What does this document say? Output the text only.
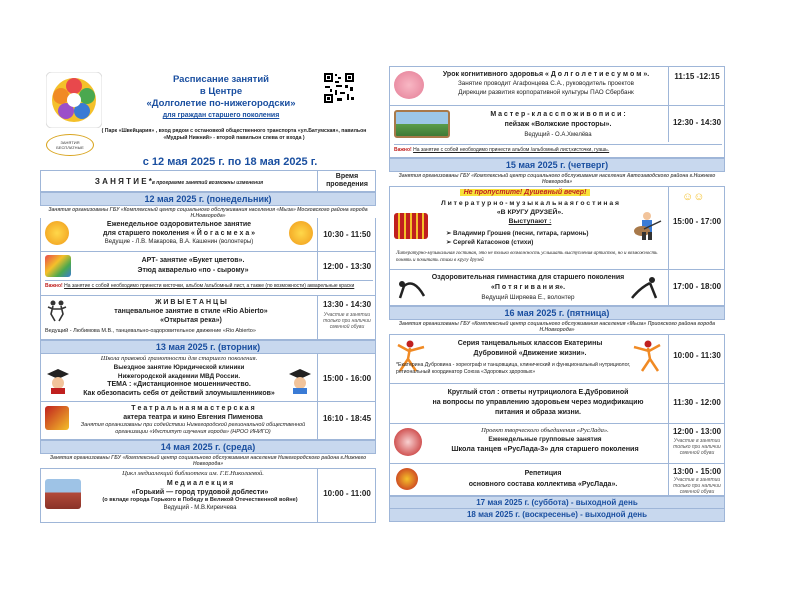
ЗАНЯТИЯ БЕСПЛАТНЫЕ
Расписание занятий
в Центре
«Долголетие по-нижегородски»
для граждан старшего поколения
( Парк «Швейцария» , вход рядом с остановкой общественного транспорта «ул.Батумская», павильон «Мудрый Нижний» - второй павильон слева от входа )
с 12 мая 2025 г. по 18 мая 2025 г.
З А Н Я Т И Е *в программе занятий возможны изменения
Время проведения
12 мая 2025 г. (понедельник)
Занятия организованы ГБУ «Комплексный центр социального обслуживания населения «Мыза» Московского района города Н.Новгорода»
Еженедельное оздоровительное занятие
для старшего поколения « Й о г а с м е х а »
Ведущие - Л.В. Макарова, В.А. Кашенин (волонтеры)
10:30 - 11:50
АРТ- занятие «Букет цветов».
Этюд акварелью «по - сырому»	12:00 - 13:30
Важно! На занятие с собой необходимо принести кисточки, альбом /альбомный лист, а также (по возможности) акварельные краски
Ж И В Ы Е Т А Н Ц Ы
танцевальное занятие в стиле «Rio Abierto»
«Открытая река»)
Ведущий - Любимова М.В., танцевально-оздоровительное движение «Rio Abierto»
13:30 - 14:30
Участие в занятии только при наличии сменной обуви
13 мая 2025 г. (вторник)
Школа правовой грамотности для старшего поколения.
Выездное занятие Юридической клиники
Нижегородской академии МВД России.
ТЕМА : «Дистанционное мошенничество.
Как обезопасить себя от действий злоумышленников»
15:00 - 16:00
Т е а т р а л ь н а я м а с т е р с к а я
актера театра и кино Евгения Пименова
Занятия организованы при содействии Нижегородской региональной общественной организации «Институт изучения города» (НРОО ИНИГО)
16:10 - 18:45
14 мая 2025 г. (среда)
Занятия организованы ГБУ «Комплексный центр социального обслуживания населения Нижегородского района г.Нижнего Новгорода»
Цикл медиалекций библиотеки им. Г.Е.Николаевой.
М е д и а л е к ц и я
«Горький — город трудовой доблести»
(о вкладе города Горького в Победу в Великой Отечественной войне)
Ведущий - М.В.Киреичева
10:00 - 11:00
Урок когнитивного здоровья « Д о л г о л е т и е с у м о м ».
Занятие проводит Агафонцева С.А., руководитель проектов
Дирекции развития корпоративной культуры ПАО Сбербанк
11:15 -12:15
М а с т е р - к л а с с п о ж и в о п и с и :
пейзаж «Волжские просторы».
Ведущий - О.А.Хмелёва
12:30 - 14:30
Важно! На занятие с собой необходимо принести альбом /альбомный лист,кисточки, гуашь.
15 мая 2025 г. (четверг)
Занятия организованы ГБУ «Комплексный центр социального обслуживания населения Автозаводского района г.Нижнего Новгорода»
Не пропустите! Душевный вечер!
Л и т е р а т у р н о - м у з ы к а л ь н а я г о с т и н а я
«В КРУГУ ДРУЗЕЙ».
Выступают :
➢ Владимир Грошев (песни, гитара, гармонь)
➢ Сергей Катасонов (стихи)
Литературно-музыкальная гостиная, это не только возможность услышать выступления артистов, но и возможность понять и почитать стихи в кругу друзей
☺☺
15:00 - 17:00
Оздоровительная гимнастика для старшего поколения
«П о т я г и в а н и я».
Ведущий Ширяева Е., волонтер
17:00 - 18:00
16 мая 2025 г. (пятница)
Занятия организованы ГБУ «Комплексный центр социального обслуживания населения «Мыза» Приокского района города Н.Новгорода»
Серия танцевальных классов Екатерины
Дубровиной «Движение жизни».
*Екатерина Дубровина - хореограф и танцовщица, клинический и функциональный нутрициолог, региональный координатор Союза «Здоровых здоровых»
10:00 - 11:30
Круглый стол : ответы нутрициолога Е.Дубровиной
на вопросы по управлению здоровьем через модификацию
питания и образа жизни.
11:30 - 12:00
Проект творческого объединения «РусЛада».
Еженедельные групповые занятия
Школа танцев «РусЛада-3» для старшего поколения
12:00 - 13:00
Участие в занятии только при наличии сменной обуви
Репетиция
основного состава коллектива «РусЛада».
13:00 - 15:00
Участие в занятии только при наличии сменной обуви
17 мая 2025 г. (суббота) - выходной день
18 мая 2025 г. (воскресенье) - выходной день
